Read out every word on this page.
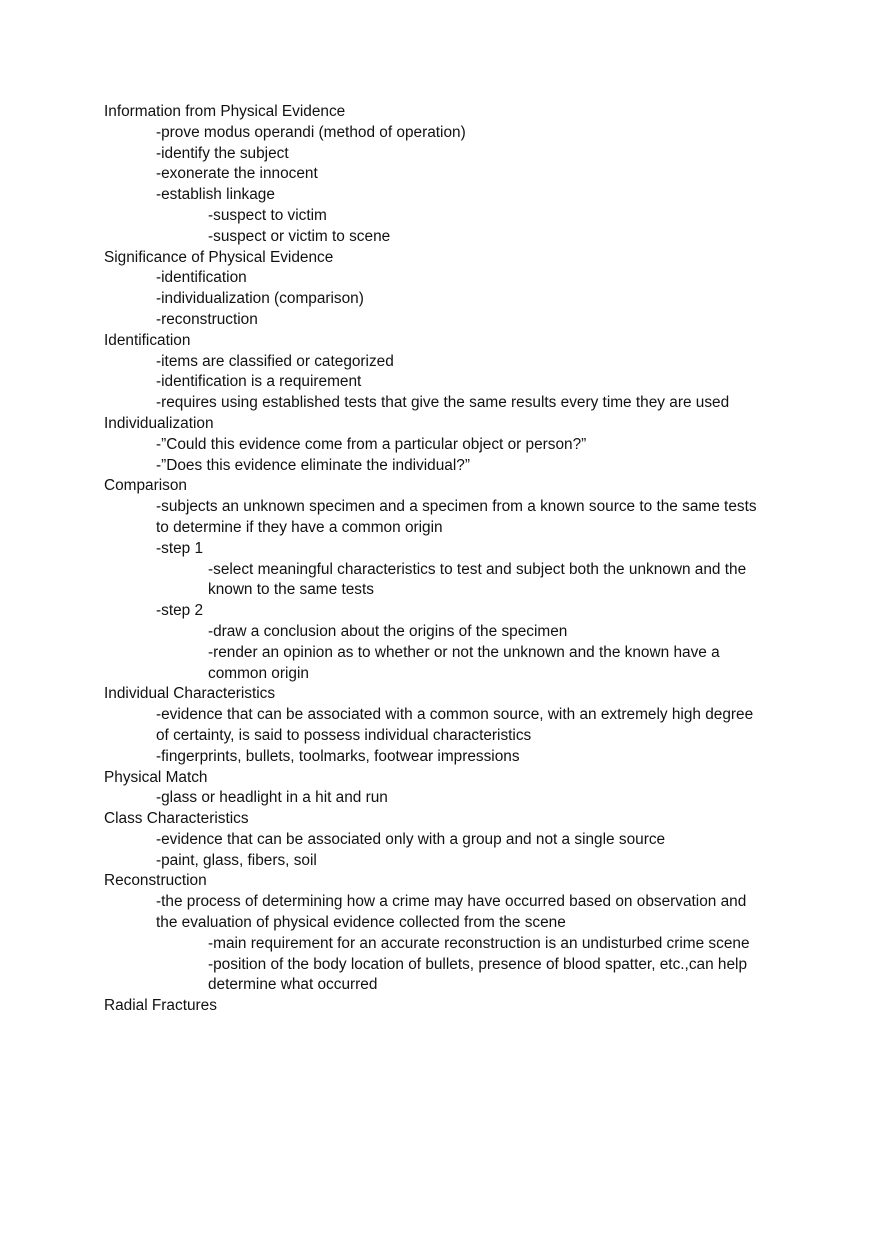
Information from Physical Evidence
-prove modus operandi (method of operation)
-identify the subject
-exonerate the innocent
-establish linkage
-suspect to victim
-suspect or victim to scene
Significance of Physical Evidence
-identification
-individualization (comparison)
-reconstruction
Identification
-items are classified or categorized
-identification is a requirement
-requires using established tests that give the same results every time they are used
Individualization
-”Could this evidence come from a particular object or person?”
-”Does this evidence eliminate the individual?”
Comparison
-subjects an unknown specimen and a specimen from a known source to the same tests
to determine if they have a common origin
-step 1
-select meaningful characteristics to test and subject both the unknown and the
known to the same tests
-step 2
-draw a conclusion about the origins of the specimen
-render an opinion as to whether or not the unknown and the known have a
common origin
Individual Characteristics
-evidence that can be associated with a common source, with an extremely high degree
of certainty, is said to possess individual characteristics
-fingerprints, bullets, toolmarks, footwear impressions
Physical Match
-glass or headlight in a hit and run
Class Characteristics
-evidence that can be associated only with a group and not a single source
-paint, glass, fibers, soil
Reconstruction
-the process of determining how a crime may have occurred based on observation and
the evaluation of physical evidence collected from the scene
-main requirement for an accurate reconstruction is an undisturbed crime scene
-position of the body location of bullets, presence of blood spatter, etc.,can help
determine what occurred
Radial Fractures
